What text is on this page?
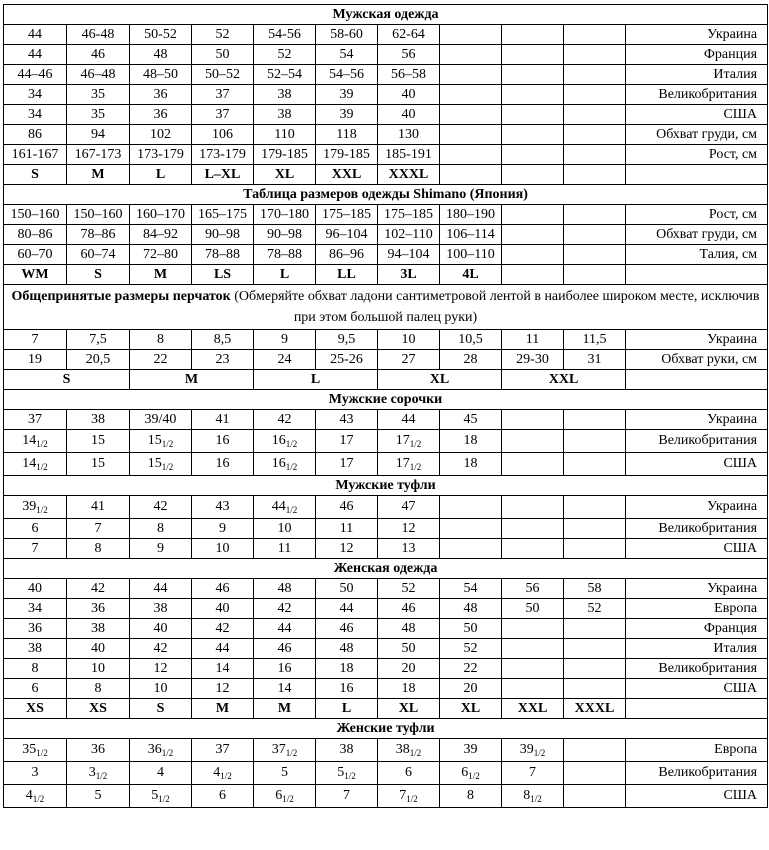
Мужская одежда										
44	46-48	50-52	52	54-56	58-60	62-64				Украина
44	46	48	50	52	54	56				Франция
44–46	46–48	48–50	50–52	52–54	54–56	56–58				Италия
34	35	36	37	38	39	40				Великобритания
34	35	36	37	38	39	40				США
86	94	102	106	110	118	130				Обхват груди, см
161-167	167-173	173-179	173-179	179-185	179-185	185-191				Рост, см
S	M	L	L–XL	XL	XXL	XXXL				
Таблица размеров одежды Shimano (Япония)										
150–160	150–160	160–170	165–175	170–180	175–185	175–185	180–190			Рост, см
80–86	78–86	84–92	90–98	90–98	96–104	102–110	106–114			Обхват груди, см
60–70	60–74	72–80	78–88	78–88	86–96	94–104	100–110			Талия, см
WM	S	M	LS	L	LL	3L	4L			
Общепринятые размеры перчаток (Обмеряйте обхват ладони сантиметровой лентой в наиболее широком месте, исключив при этом большой палец руки)										
7	7,5	8	8,5	9	9,5	10	10,5	11	11,5	Украина
19	20,5	22	23	24	25-26	27	28	29-30	31	Обхват руки, см
S		M		L		XL		XXL		
Мужские сорочки										
37	38	39/40	41	42	43	44	45			Украина
$14_{1/2}$	15	$15_{1/2}$	16	$16_{1/2}$	17	$17_{1/2}$	18			Великобритания
$14_{1/2}$	15	$15_{1/2}$	16	$16_{1/2}$	17	$17_{1/2}$	18			США
Мужские туфли										
$39_{1/2}$	41	42	43	$44_{1/2}$	46	47				Украина
6	7	8	9	10	11	12				Великобритания
7	8	9	10	11	12	13				США
Женская одежда										
40	42	44	46	48	50	52	54	56	58	Украина
34	36	38	40	42	44	46	48	50	52	Европа
36	38	40	42	44	46	48	50			Франция
38	40	42	44	46	48	50	52			Италия
8	10	12	14	16	18	20	22			Великобритания
6	8	10	12	14	16	18	20			США
XS	XS	S	M	M	L	XL	XL	XXL	XXXL	
Женские туфли										
$35_{1/2}$	36	$36_{1/2}$	37	$37_{1/2}$	38	$38_{1/2}$	39	$39_{1/2}$		Европа
3	$3_{1/2}$	4	$4_{1/2}$	5	$5_{1/2}$	6	$6_{1/2}$	7		Великобритания
$4_{1/2}$	5	$5_{1/2}$	6	$6_{1/2}$	7	$7_{1/2}$	8	$8_{1/2}$		США
